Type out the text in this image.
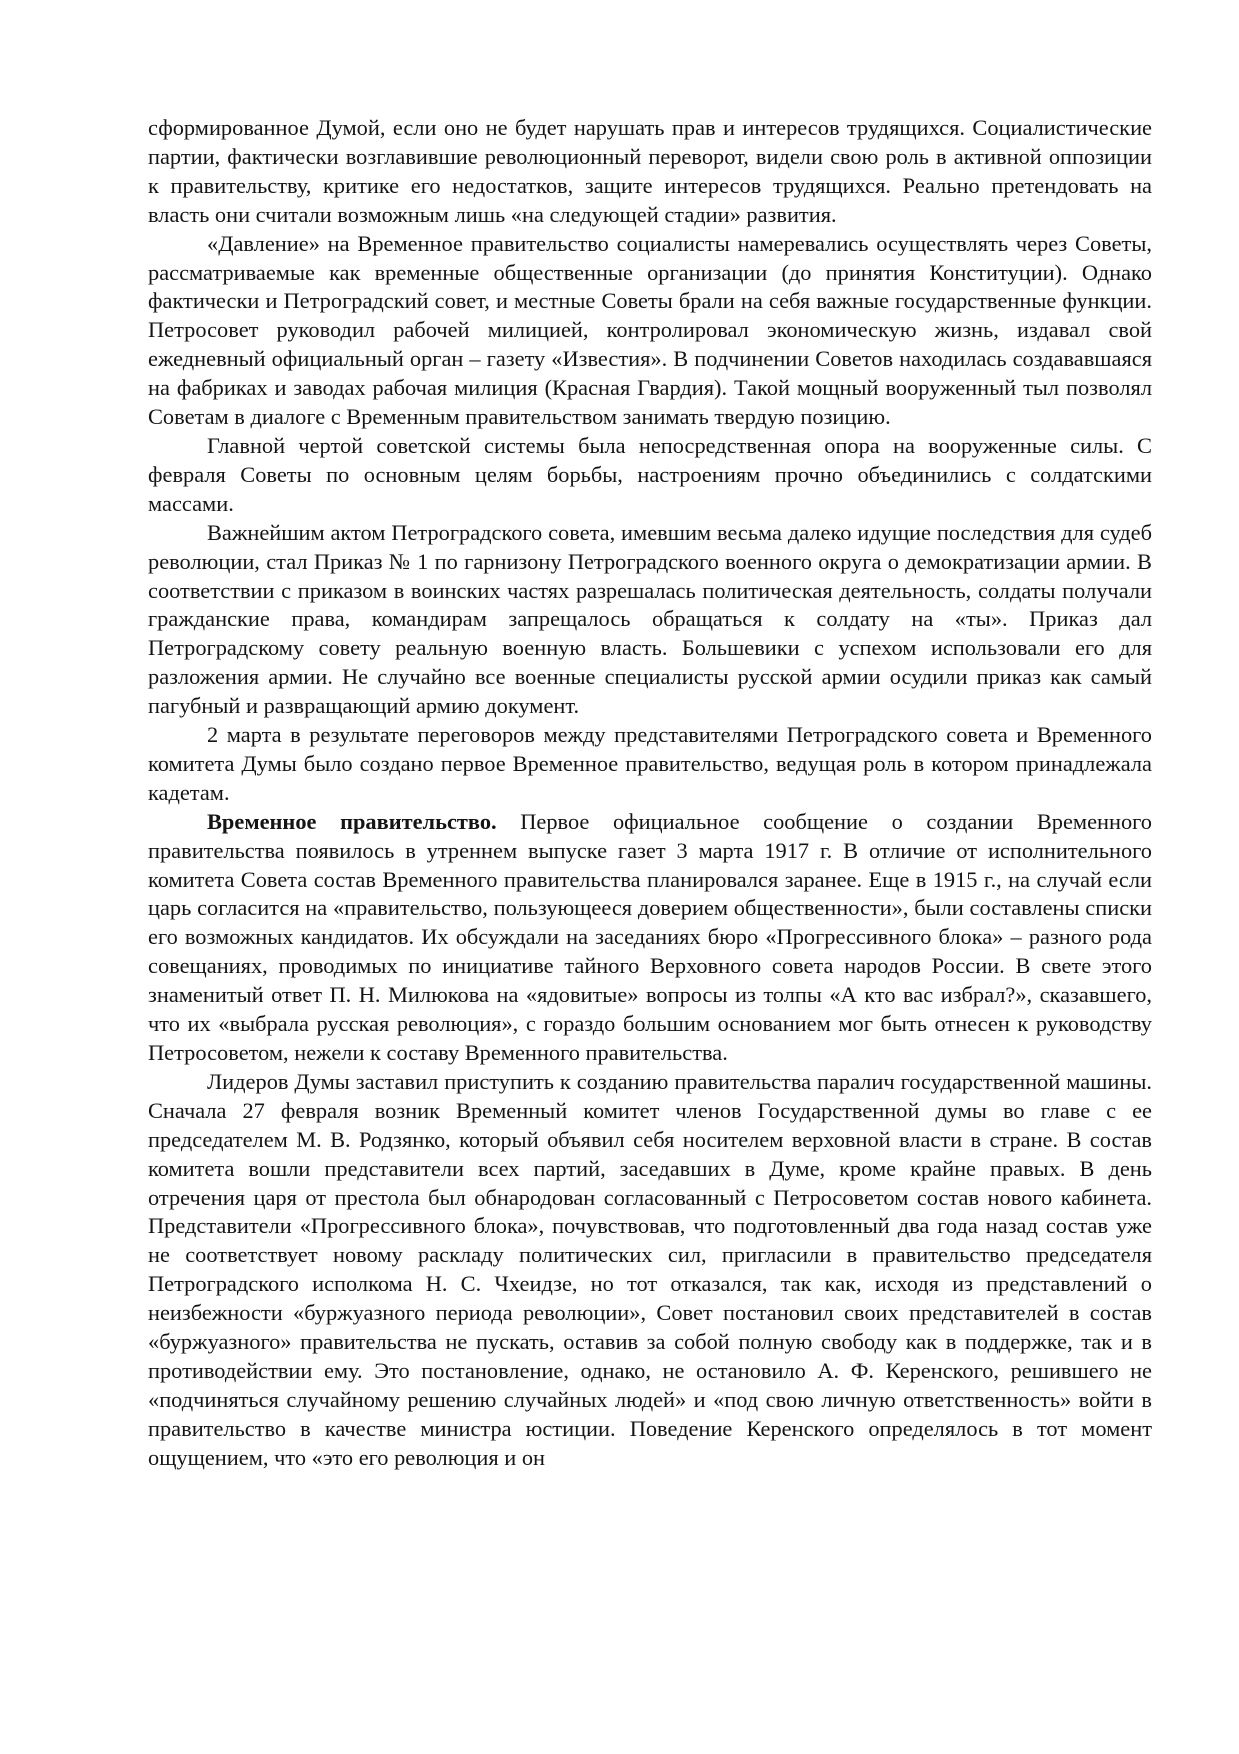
сформированное Думой, если оно не будет нарушать прав и интересов трудящихся. Социалистические партии, фактически возглавившие революционный переворот, видели свою роль в активной оппозиции к правительству, критике его недостатков, защите интересов трудящихся. Реально претендовать на власть они считали возможным лишь «на следующей стадии» развития.

«Давление» на Временное правительство социалисты намеревались осуществлять через Советы, рассматриваемые как временные общественные организации (до принятия Конституции). Однако фактически и Петроградский совет, и местные Советы брали на себя важные государственные функции. Петросовет руководил рабочей милицией, контролировал экономическую жизнь, издавал свой ежедневный официальный орган – газету «Известия». В подчинении Советов находилась создававшаяся на фабриках и заводах рабочая милиция (Красная Гвардия). Такой мощный вооруженный тыл позволял Советам в диалоге с Временным правительством занимать твердую позицию.

Главной чертой советской системы была непосредственная опора на вооруженные силы. С февраля Советы по основным целям борьбы, настроениям прочно объединились с солдатскими массами.

Важнейшим актом Петроградского совета, имевшим весьма далеко идущие последствия для судеб революции, стал Приказ № 1 по гарнизону Петроградского военного округа о демократизации армии. В соответствии с приказом в воинских частях разрешалась политическая деятельность, солдаты получали гражданские права, командирам запрещалось обращаться к солдату на «ты». Приказ дал Петроградскому совету реальную военную власть. Большевики с успехом использовали его для разложения армии. Не случайно все военные специалисты русской армии осудили приказ как самый пагубный и развращающий армию документ.

2 марта в результате переговоров между представителями Петроградского совета и Временного комитета Думы было создано первое Временное правительство, ведущая роль в котором принадлежала кадетам.

Временное правительство. Первое официальное сообщение о создании Временного правительства появилось в утреннем выпуске газет 3 марта 1917 г. В отличие от исполнительного комитета Совета состав Временного правительства планировался заранее. Еще в 1915 г., на случай если царь согласится на «правительство, пользующееся доверием общественности», были составлены списки его возможных кандидатов. Их обсуждали на заседаниях бюро «Прогрессивного блока» – разного рода совещаниях, проводимых по инициативе тайного Верховного совета народов России. В свете этого знаменитый ответ П. Н. Милюкова на «ядовитые» вопросы из толпы «А кто вас избрал?», сказавшего, что их «выбрала русская революция», с гораздо большим основанием мог быть отнесен к руководству Петросоветом, нежели к составу Временного правительства.

Лидеров Думы заставил приступить к созданию правительства паралич государственной машины. Сначала 27 февраля возник Временный комитет членов Государственной думы во главе с ее председателем М. В. Родзянко, который объявил себя носителем верховной власти в стране. В состав комитета вошли представители всех партий, заседавших в Думе, кроме крайне правых. В день отречения царя от престола был обнародован согласованный с Петросоветом состав нового кабинета. Представители «Прогрессивного блока», почувствовав, что подготовленный два года назад состав уже не соответствует новому раскладу политических сил, пригласили в правительство председателя Петроградского исполкома Н. С. Чхеидзе, но тот отказался, так как, исходя из представлений о неизбежности «буржуазного периода революции», Совет постановил своих представителей в состав «буржуазного» правительства не пускать, оставив за собой полную свободу как в поддержке, так и в противодействии ему. Это постановление, однако, не остановило А. Ф. Керенского, решившего не «подчиняться случайному решению случайных людей» и «под свою личную ответственность» войти в правительство в качестве министра юстиции. Поведение Керенского определялось в тот момент ощущением, что «это его революция и он
